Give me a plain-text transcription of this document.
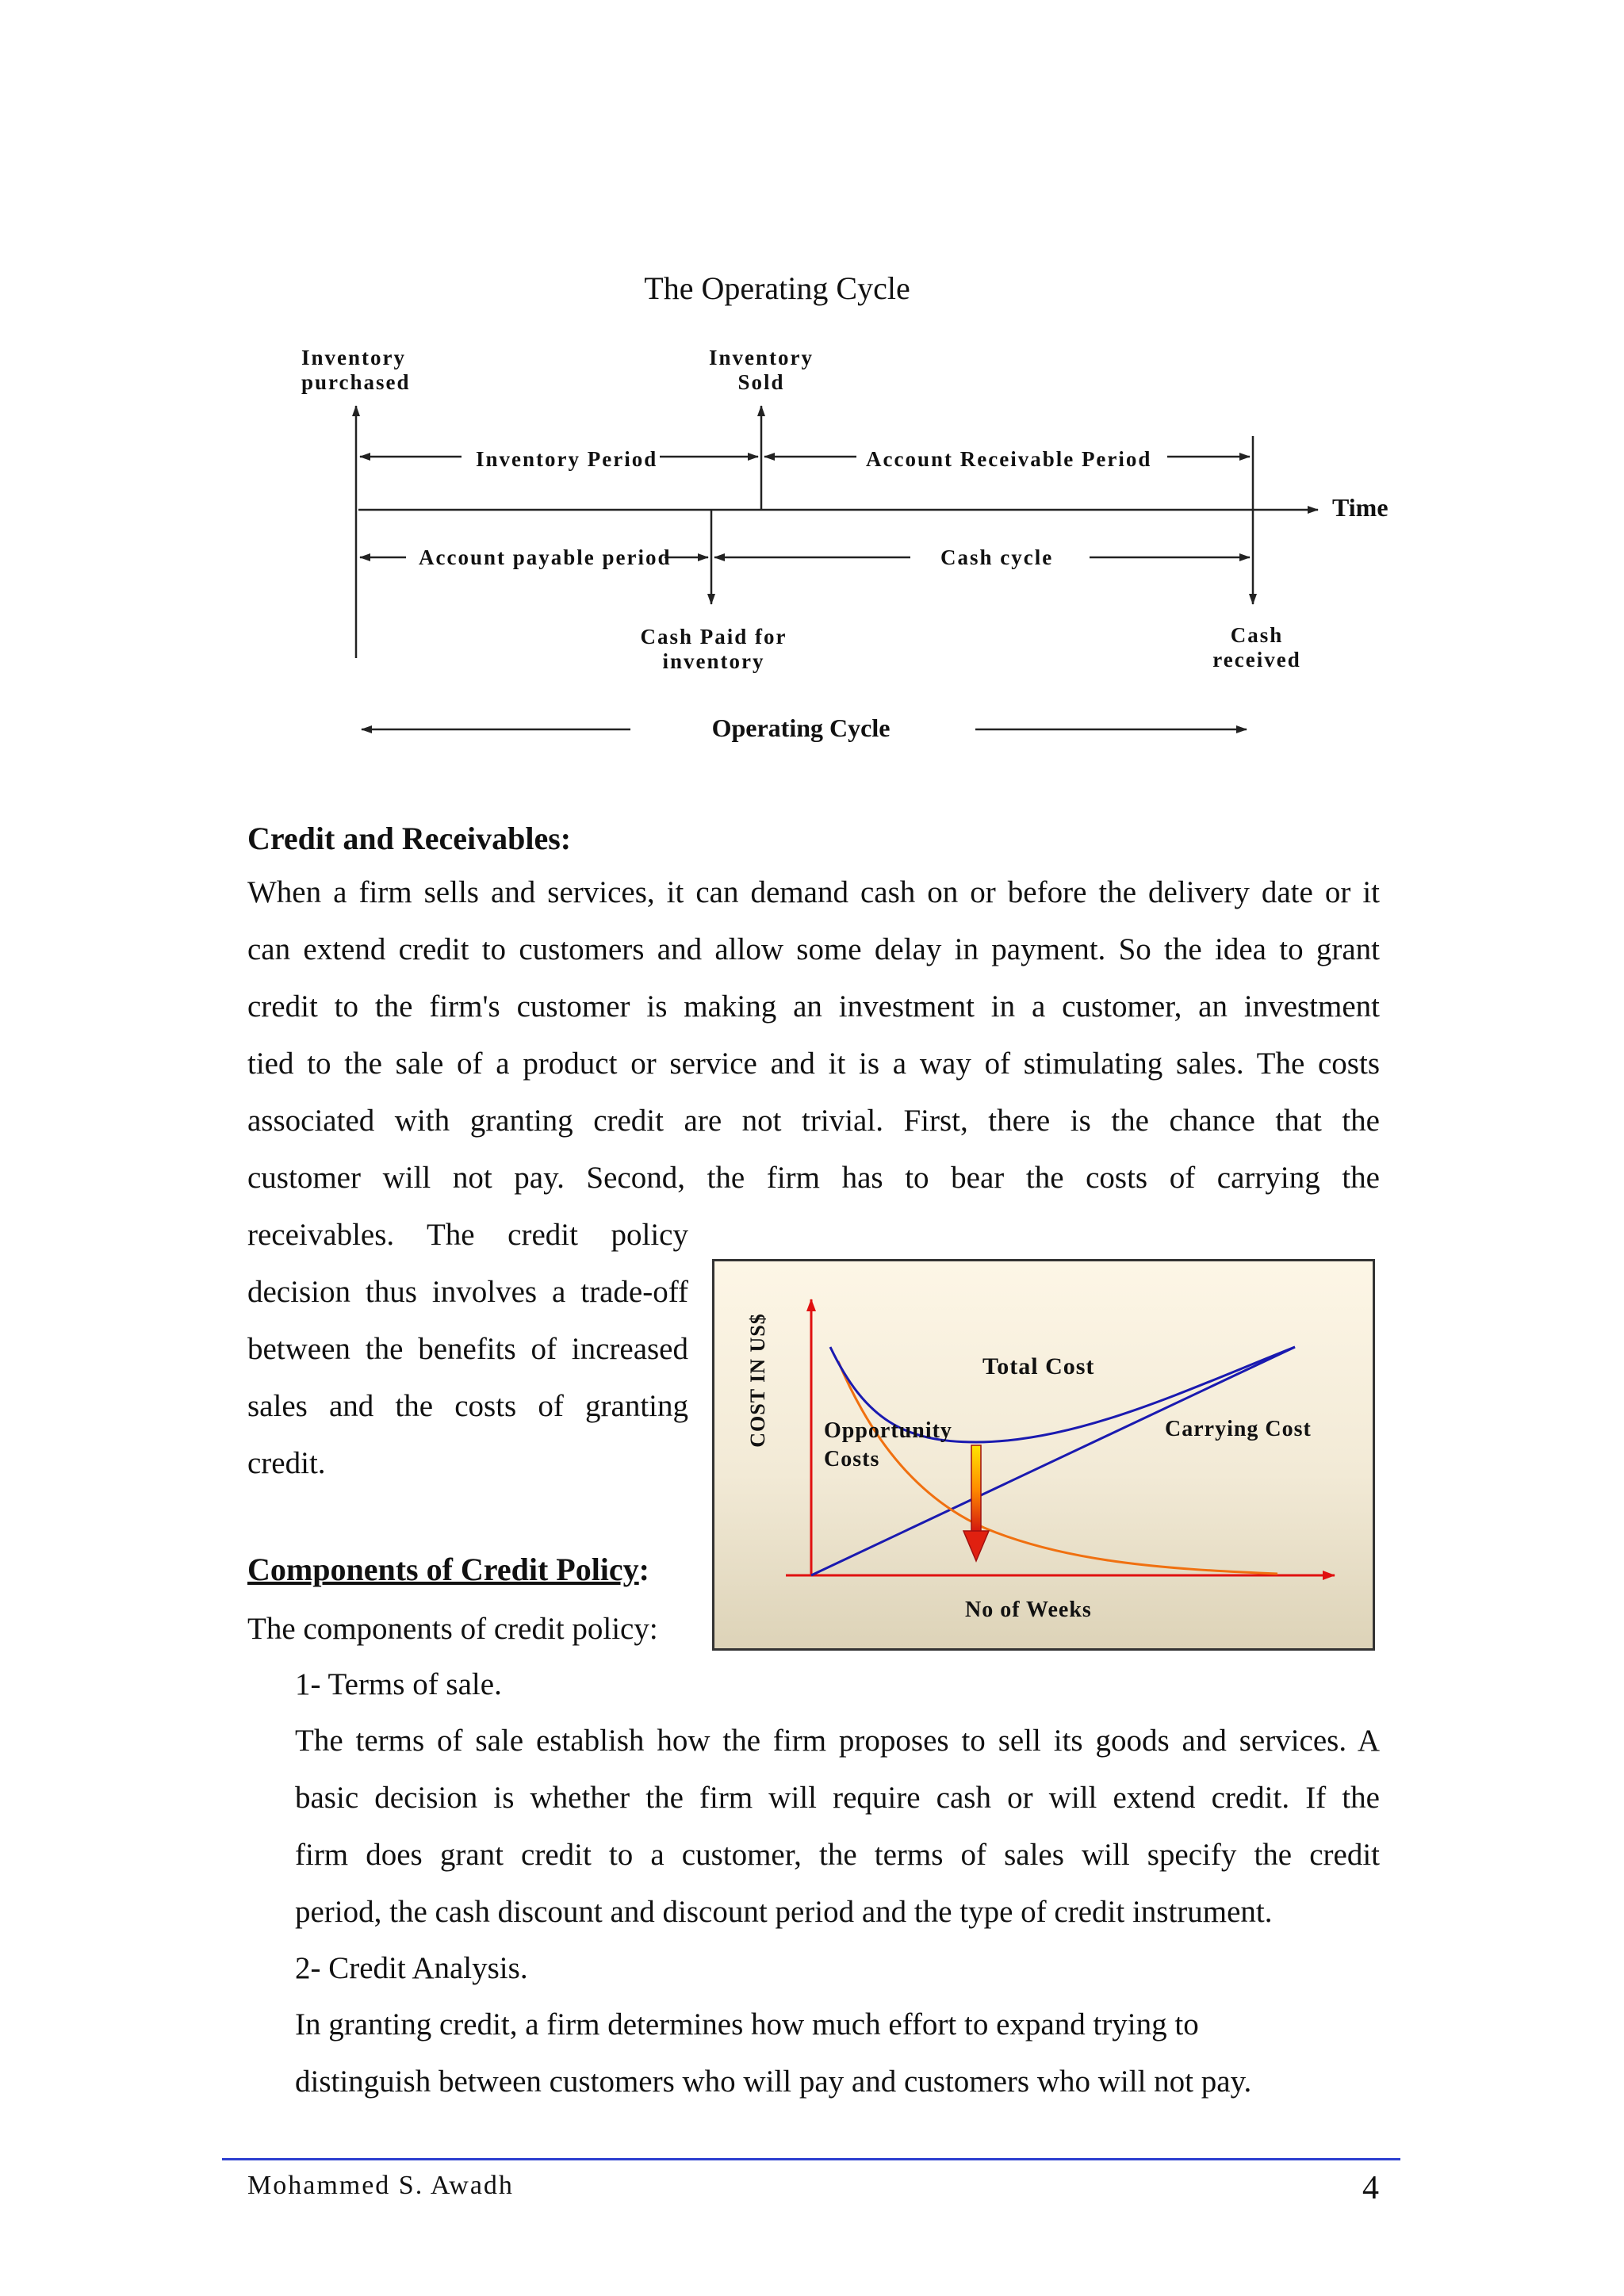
The Operating Cycle
Inventory
purchased
Inventory
Sold
Inventory Period	Account Receivable Period
Time
Account payable period	Cash cycle
Cash Paid for
inventory
Cash
received
Operating Cycle
Credit and Receivables:
When a firm sells and services, it can demand cash on or before the delivery date or it
can extend credit to customers and allow some delay in payment. So the idea to grant
credit to the firm's customer is making an investment in a customer, an investment
tied to the sale of a product or service and it is a way of stimulating sales. The costs
associated with granting credit are not trivial. First, there is the chance that the
customer will not pay. Second, the firm has to bear the costs of carrying the
receivables. The credit policy
decision thus involves a trade-off
between the benefits of increased
sales and the costs of granting
credit.
Total Cost
Opportunity
Costs
Carrying Cost
No of Weeks
COST IN US$
Components of Credit Policy:
The components of credit policy:
1- Terms of sale.
The terms of sale establish how the firm proposes to sell its goods and services. A
basic decision is whether the firm will require cash or will extend credit. If the
firm does grant credit to a customer, the terms of sales will specify the credit
period, the cash discount and discount period and the type of credit instrument.
2- Credit Analysis.
In granting credit, a firm determines how much effort to expand trying to
distinguish between customers who will pay and customers who will not pay.
Mohammed S. Awadh	4
